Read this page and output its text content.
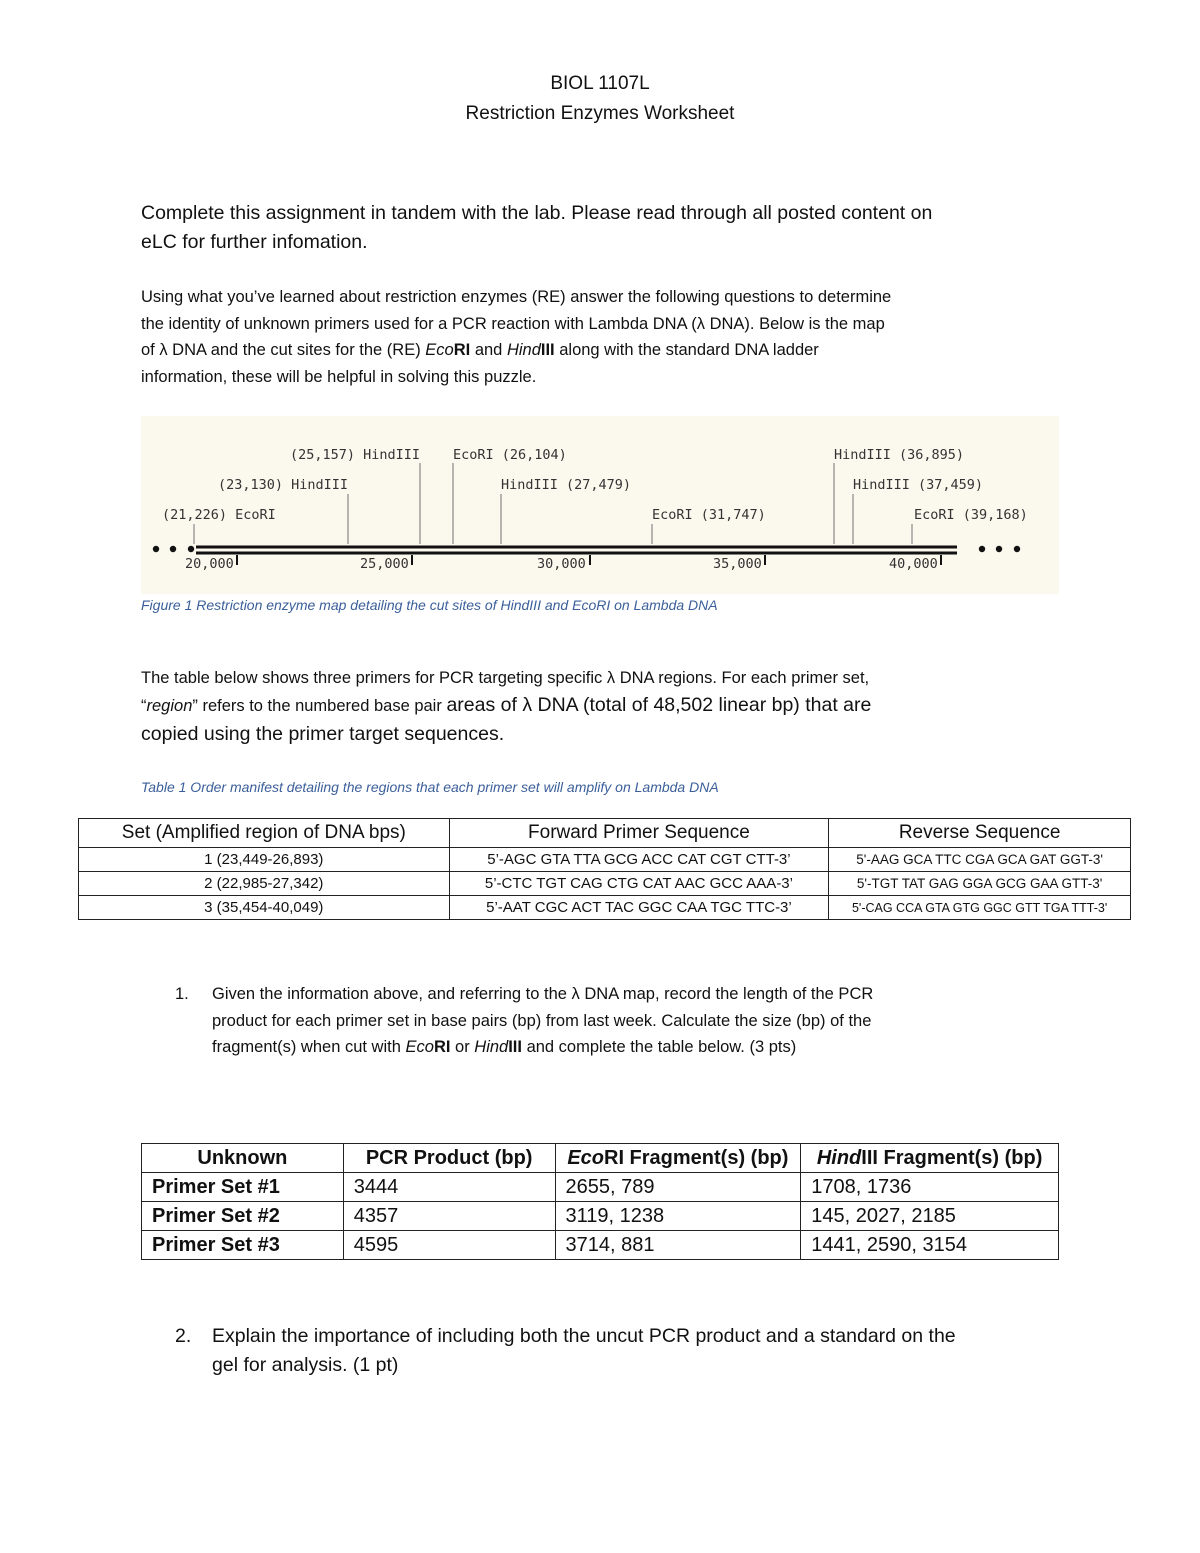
BIOL 1107L
Restriction Enzymes Worksheet
Complete this assignment in tandem with the lab. Please read through all posted content on
eLC for further infomation.
Using what you’ve learned about restriction enzymes (RE) answer the following questions to determine
the identity of unknown primers used for a PCR reaction with Lambda DNA (λ DNA). Below is the map
of λ DNA and the cut sites for the (RE) EcoRI and HindIII along with the standard DNA ladder
information, these will be helpful in solving this puzzle.
(21,226) EcoRI
(23,130) HindIII
(25,157) HindIII EcoRI (26,104)
HindIII (27,479)
EcoRI (31,747)
HindIII (36,895)
HindIII (37,459)
EcoRI (39,168)
20,000	25,000	30,000	35,000	40,000
Figure 1 Restriction enzyme map detailing the cut sites of HindIII and EcoRI on Lambda DNA
The table below shows three primers for PCR targeting specific λ DNA regions. For each primer set,
“region” refers to the numbered base pair areas of λ DNA (total of 48,502 linear bp) that are
copied using the primer target sequences.
Table 1 Order manifest detailing the regions that each primer set will amplify on Lambda DNA
Set (Amplified region of DNA bps)	Forward Primer Sequence	Reverse Sequence
1 (23,449-26,893)	5’-AGC GTA TTA GCG ACC CAT CGT CTT-3’	5'-AAG GCA TTC CGA GCA GAT GGT-3'
2 (22,985-27,342)	5’-CTC TGT CAG CTG CAT AAC GCC AAA-3’	5'-TGT TAT GAG GGA GCG GAA GTT-3'
3 (35,454-40,049)	5’-AAT CGC ACT TAC GGC CAA TGC TTC-3’	5'-CAG CCA GTA GTG GGC GTT TGA TTT-3'
1. Given the information above, and referring to the λ DNA map, record the length of the PCR
product for each primer set in base pairs (bp) from last week. Calculate the size (bp) of the
fragment(s) when cut with EcoRI or HindIII and complete the table below. (3 pts)
Unknown	PCR Product (bp)	EcoRI Fragment(s) (bp)	HindIII Fragment(s) (bp)
Primer Set #1	3444	2655, 789	1708, 1736
Primer Set #2	4357	3119, 1238	145, 2027, 2185
Primer Set #3	4595	3714, 881	1441, 2590, 3154
2. Explain the importance of including both the uncut PCR product and a standard on the
gel for analysis. (1 pt)
